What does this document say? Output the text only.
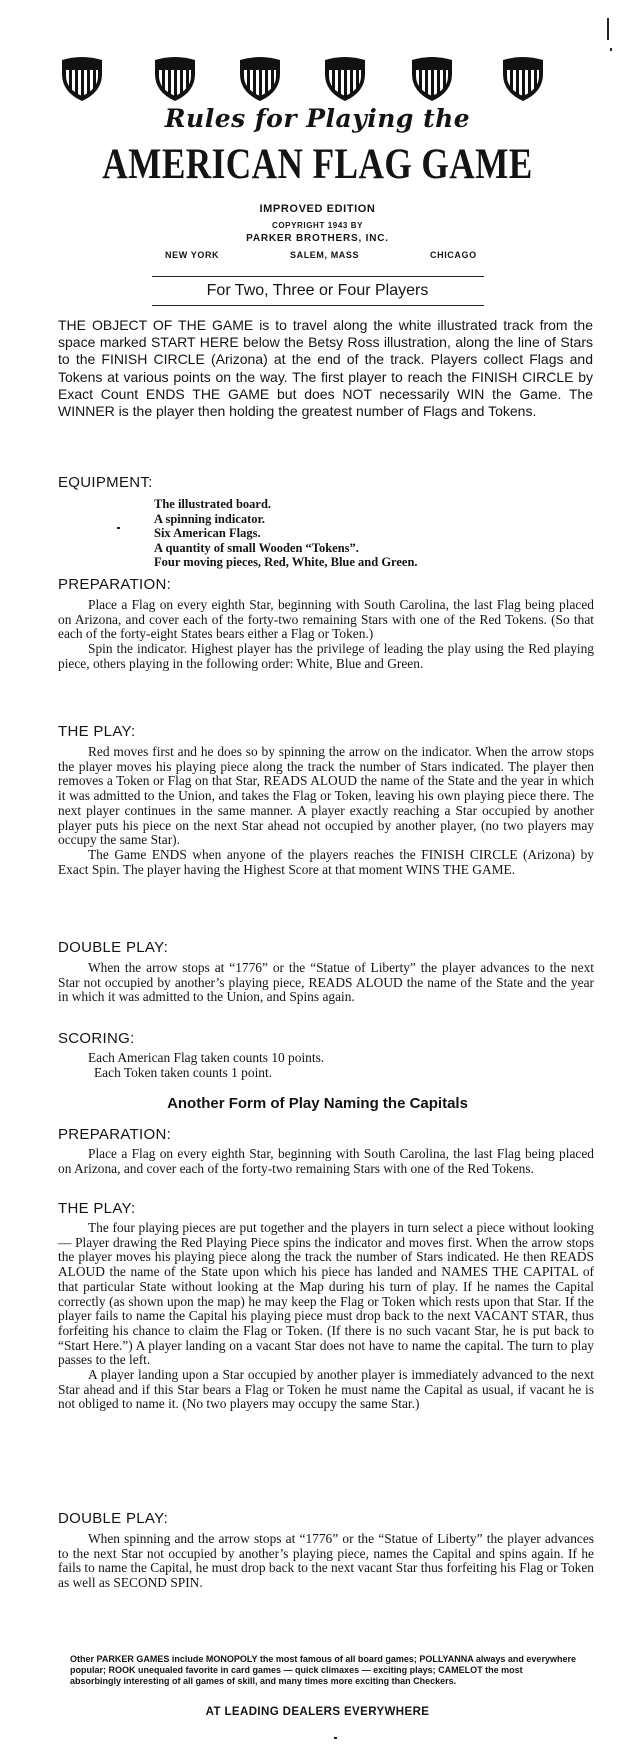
Rules for Playing the
AMERICAN FLAG GAME
IMPROVED EDITION
COPYRIGHT 1943 BY
PARKER BROTHERS, INC.
NEW YORK	SALEM, MASS	CHICAGO
For Two, Three or Four Players
THE OBJECT OF THE GAME is to travel along the white illustrated track from the space marked START HERE below the Betsy Ross illustration, along the line of Stars to the FINISH CIRCLE (Arizona) at the end of the track. Players collect Flags and Tokens at various points on the way. The first player to reach the FINISH CIRCLE by Exact Count ENDS THE GAME but does NOT necessarily WIN the Game. The WINNER is the player then holding the greatest number of Flags and Tokens.
EQUIPMENT:
The illustrated board.
A spinning indicator.
Six American Flags.
A quantity of small Wooden “Tokens”.
Four moving pieces, Red, White, Blue and Green.
PREPARATION:

Place a Flag on every eighth Star, beginning with South Carolina, the last Flag being placed on Arizona, and cover each of the forty-two remaining Stars with one of the Red Tokens. (So that each of the forty-eight States bears either a Flag or Token.)

Spin the indicator. Highest player has the privilege of leading the play using the Red playing piece, others playing in the following order: White, Blue and Green.

THE PLAY:

Red moves first and he does so by spinning the arrow on the indicator. When the arrow stops the player moves his playing piece along the track the number of Stars indicated. The player then removes a Token or Flag on that Star, READS ALOUD the name of the State and the year in which it was admitted to the Union, and takes the Flag or Token, leaving his own playing piece there. The next player continues in the same manner. A player exactly reaching a Star occupied by another player puts his piece on the next Star ahead not occupied by another player, (no two players may occupy the same Star).

The Game ENDS when anyone of the players reaches the FINISH CIRCLE (Arizona) by Exact Spin. The player having the Highest Score at that moment WINS THE GAME.

DOUBLE PLAY:

When the arrow stops at “1776” or the “Statue of Liberty” the player advances to the next Star not occupied by another’s playing piece, READS ALOUD the name of the State and the year in which it was admitted to the Union, and Spins again.

SCORING:
Each American Flag taken counts 10 points.
Each Token taken counts 1 point.
Another Form of Play Naming the Capitals
PREPARATION:

Place a Flag on every eighth Star, beginning with South Carolina, the last Flag being placed on Arizona, and cover each of the forty-two remaining Stars with one of the Red Tokens.

THE PLAY:

The four playing pieces are put together and the players in turn select a piece without looking — Player drawing the Red Playing Piece spins the indicator and moves first. When the arrow stops the player moves his playing piece along the track the number of Stars indicated. He then READS ALOUD the name of the State upon which his piece has landed and NAMES THE CAPITAL of that particular State without looking at the Map during his turn of play. If he names the Capital correctly (as shown upon the map) he may keep the Flag or Token which rests upon that Star. If the player fails to name the Capital his playing piece must drop back to the next VACANT STAR, thus forfeiting his chance to claim the Flag or Token. (If there is no such vacant Star, he is put back to “Start Here.”) A player landing on a vacant Star does not have to name the capital. The turn to play passes to the left.

A player landing upon a Star occupied by another player is immediately advanced to the next Star ahead and if this Star bears a Flag or Token he must name the Capital as usual, if vacant he is not obliged to name it. (No two players may occupy the same Star.)

DOUBLE PLAY:

When spinning and the arrow stops at “1776” or the “Statue of Liberty” the player advances to the next Star not occupied by another’s playing piece, names the Capital and spins again. If he fails to name the Capital, he must drop back to the next vacant Star thus forfeiting his Flag or Token as well as SECOND SPIN.

Other PARKER GAMES include MONOPOLY the most famous of all board games; POLLYANNA always and everywhere popular; ROOK unequaled favorite in card games — quick climaxes — exciting plays; CAMELOT the most absorbingly interesting of all games of skill, and many times more exciting than Checkers.
AT LEADING DEALERS EVERYWHERE
